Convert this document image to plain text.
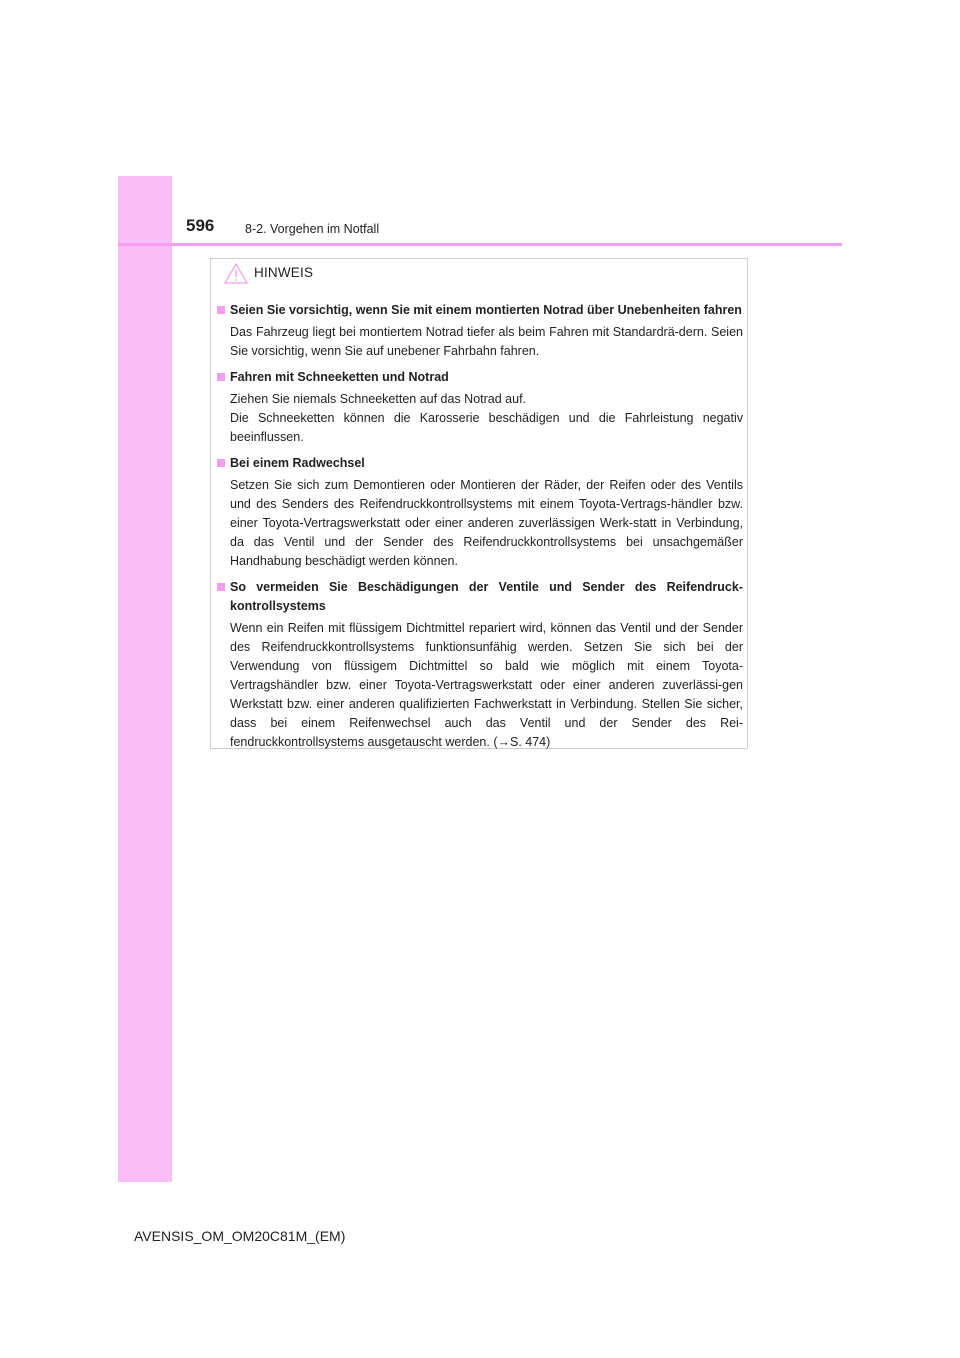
596 8-2. Vorgehen im Notfall
HINWEIS
Seien Sie vorsichtig, wenn Sie mit einem montierten Notrad über Unebenheiten fahren
Das Fahrzeug liegt bei montiertem Notrad tiefer als beim Fahren mit Standardrä-dern. Seien Sie vorsichtig, wenn Sie auf unebener Fahrbahn fahren.
Fahren mit Schneeketten und Notrad
Ziehen Sie niemals Schneeketten auf das Notrad auf.
Die Schneeketten können die Karosserie beschädigen und die Fahrleistung negativ beeinflussen.
Bei einem Radwechsel
Setzen Sie sich zum Demontieren oder Montieren der Räder, der Reifen oder des Ventils und des Senders des Reifendruckkontrollsystems mit einem Toyota-Vertrags-händler bzw. einer Toyota-Vertragswerkstatt oder einer anderen zuverlässigen Werk-statt in Verbindung, da das Ventil und der Sender des Reifendruckkontrollsystems bei unsachgemäßer Handhabung beschädigt werden können.
So vermeiden Sie Beschädigungen der Ventile und Sender des Reifendruck-kontrollsystems
Wenn ein Reifen mit flüssigem Dichtmittel repariert wird, können das Ventil und der Sender des Reifendruckkontrollsystems funktionsunfähig werden. Setzen Sie sich bei der Verwendung von flüssigem Dichtmittel so bald wie möglich mit einem Toyota-Vertragshändler bzw. einer Toyota-Vertragswerkstatt oder einer anderen zuverlässi-gen Werkstatt bzw. einer anderen qualifizierten Fachwerkstatt in Verbindung. Stellen Sie sicher, dass bei einem Reifenwechsel auch das Ventil und der Sender des Rei-fendruckkontrollsystems ausgetauscht werden. (→S. 474)
AVENSIS_OM_OM20C81M_(EM)
